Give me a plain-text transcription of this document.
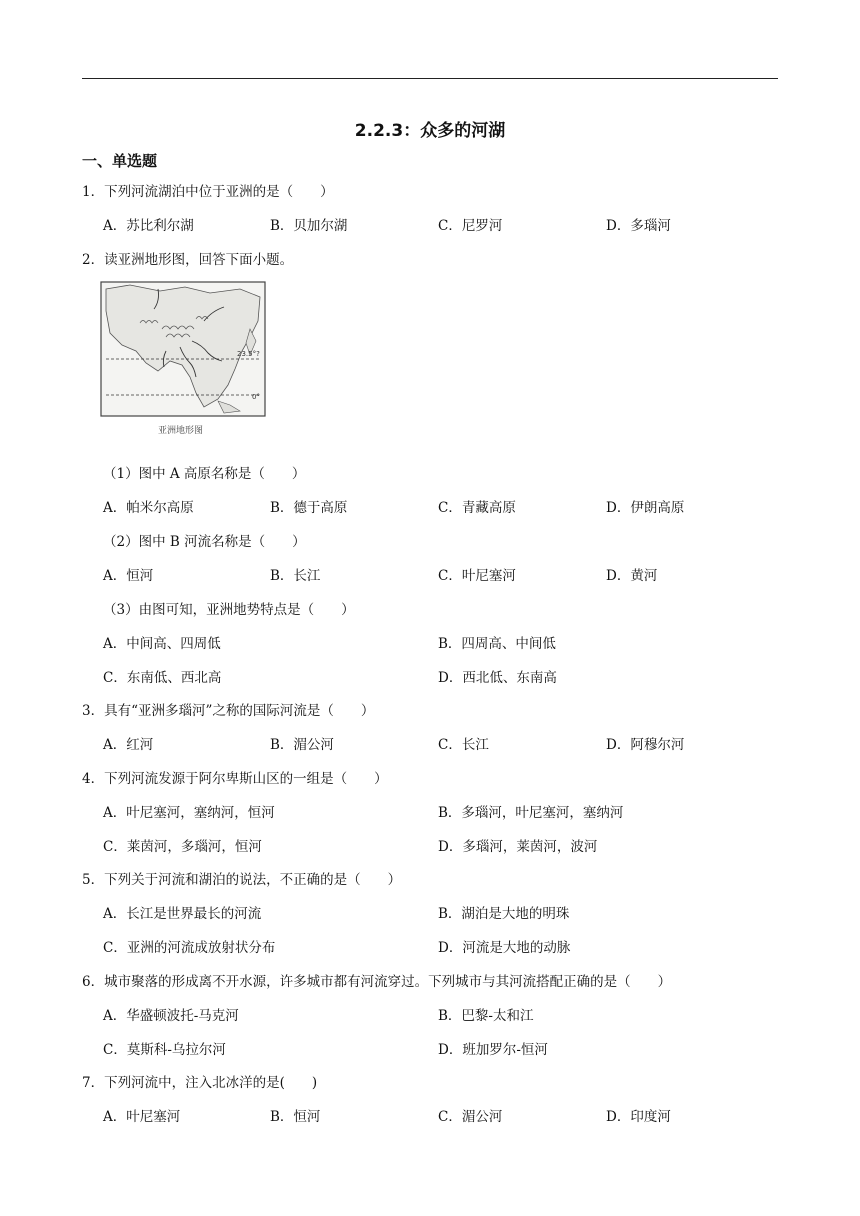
2.2.3：众多的河湖
一、单选题
1．下列河流湖泊中位于亚洲的是（　　）
A．苏比利尔湖	B．贝加尔湖	C．尼罗河	D．多瑙河
2．读亚洲地形图，回答下面小题。
23.5°?
0°
亚洲地形图
（1）图中 A 高原名称是（　　）
A．帕米尔高原	B．德于高原	C．青藏高原	D．伊朗高原
（2）图中 B 河流名称是（　　）
A．恒河	B．长江	C．叶尼塞河	D．黄河
（3）由图可知，亚洲地势特点是（　　）
A．中间高、四周低	B．四周高、中间低
C．东南低、西北高	D．西北低、东南高
3．具有“亚洲多瑙河”之称的国际河流是（　　）
A．红河	B．湄公河	C．长江	D．阿穆尔河
4．下列河流发源于阿尔卑斯山区的一组是（　　）
A．叶尼塞河，塞纳河，恒河	B．多瑙河，叶尼塞河，塞纳河
C．莱茵河，多瑙河，恒河	D．多瑙河，莱茵河，波河
5．下列关于河流和湖泊的说法，不正确的是（　　）
A．长江是世界最长的河流	B．湖泊是大地的明珠
C．亚洲的河流成放射状分布	D．河流是大地的动脉
6．城市聚落的形成离不开水源，许多城市都有河流穿过。下列城市与其河流搭配正确的是（　　）
A．华盛顿波托-马克河	B．巴黎-太和江
C．莫斯科-乌拉尔河	D．班加罗尔-恒河
7．下列河流中，注入北冰洋的是(　　)
A．叶尼塞河	B．恒河	C．湄公河	D．印度河
